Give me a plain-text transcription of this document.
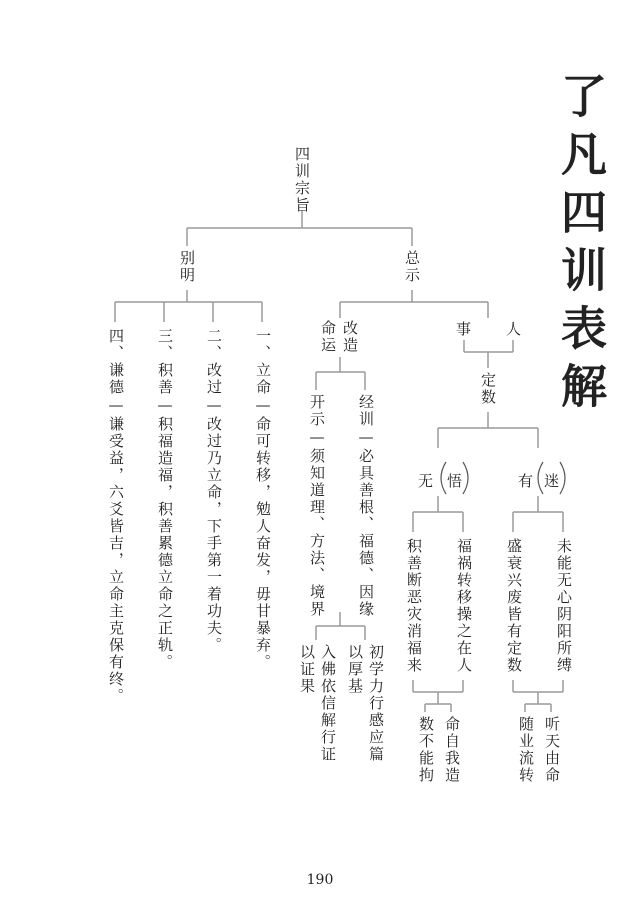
了凡四训表解
四训宗旨
别明	总示
一、立命—命可转移，勉人奋发，毋甘暴弃。
二、改过—改过乃立命，下手第一着功夫。
三、积善—积福造福，积善累德立命之正轨。
四、谦德—谦受益，六爻皆吉，立命主克保有终。	改造
命运
经训—必具善根、福德、因缘
开示—须知道理、方法、境界
初学力行感应篇
以厚基
入佛依信解行证
以证果
事 人
定数
无 悟	有 迷
福祸转移操之在人
积善断恶灾消福来
命自我造
数不能拘
未能无心阴阳所缚
盛衰兴废皆有定数
听天由命
随业流转
190
